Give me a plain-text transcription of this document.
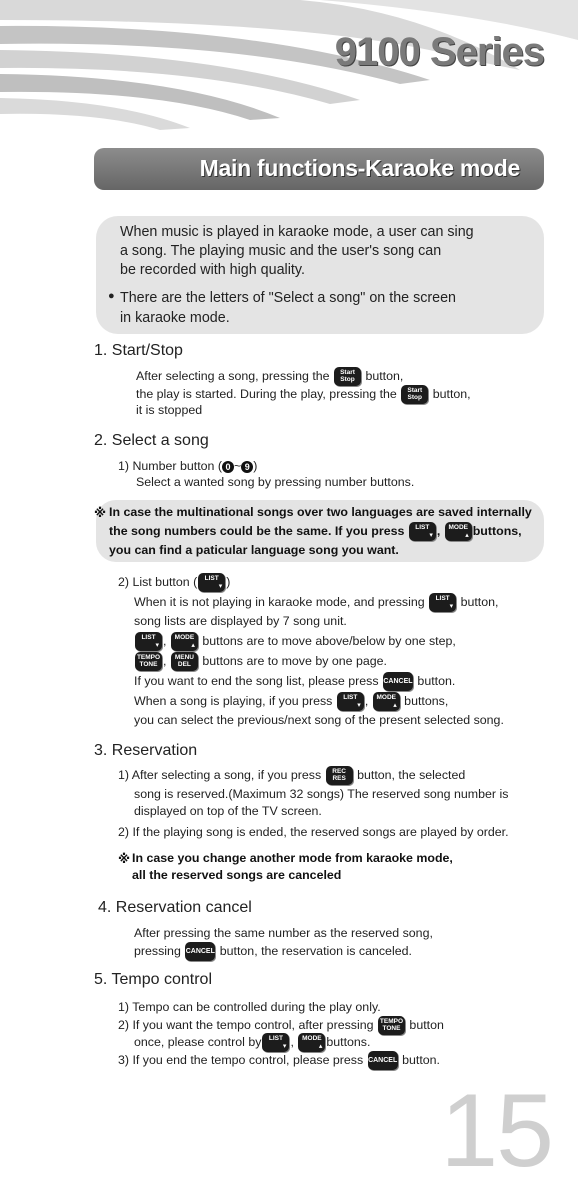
9100 Series
Main functions-Karaoke mode
When music is played in karaoke mode, a user can sing
a song. The playing music and the user's song can
be recorded with high quality.
● There are the letters of "Select a song" on the screen
in karaoke mode.
1. Start/Stop
After selecting a song, pressing the	Start
Stop button,
the play is started. During the play, pressing the	Start
Stop button,
it is stopped
2. Select a song
1) Number button ( 0 ~ 9 )
Select a wanted song by pressing number buttons.
※ In case the multinational songs over two languages are saved internally
the song numbers could be the same. If you press	LIST
▾ ,	MODE
▴ buttons,
you can find a paticular language song you want.
2) List button (	LIST
▾ )
When it is not playing in karaoke mode, and pressing	LIST
▾ button,
song lists are displayed by 7 song unit.
LIST
▾ ,	MODE
▴ buttons are to move above/below by one step,
TEMPO
TONE ,	MENU
DEL buttons are to move by one page.
If you want to end the song list, please press CANCEL button.
When a song is playing, if you press	LIST
▾ ,	MODE
▴ buttons,
you can select the previous/next song of the present selected song.
3. Reservation
1) After selecting a song, if you press	REC
RES button, the selected
song is reserved.(Maximum 32 songs) The reserved song number is
displayed on top of the TV screen.
2) If the playing song is ended, the reserved songs are played by order.
※ In case you change another mode from karaoke mode,
all the reserved songs are canceled
4. Reservation cancel
After pressing the same number as the reserved song,
pressing CANCEL button, the reservation is canceled.
5. Tempo control
1) Tempo can be controlled during the play only.
2) If you want the tempo control, after pressing TEMPO
TONE button
once, please control by	LIST
▾ ,	MODE
▴ buttons.
3) If you end the tempo control, please press CANCEL button.
15
